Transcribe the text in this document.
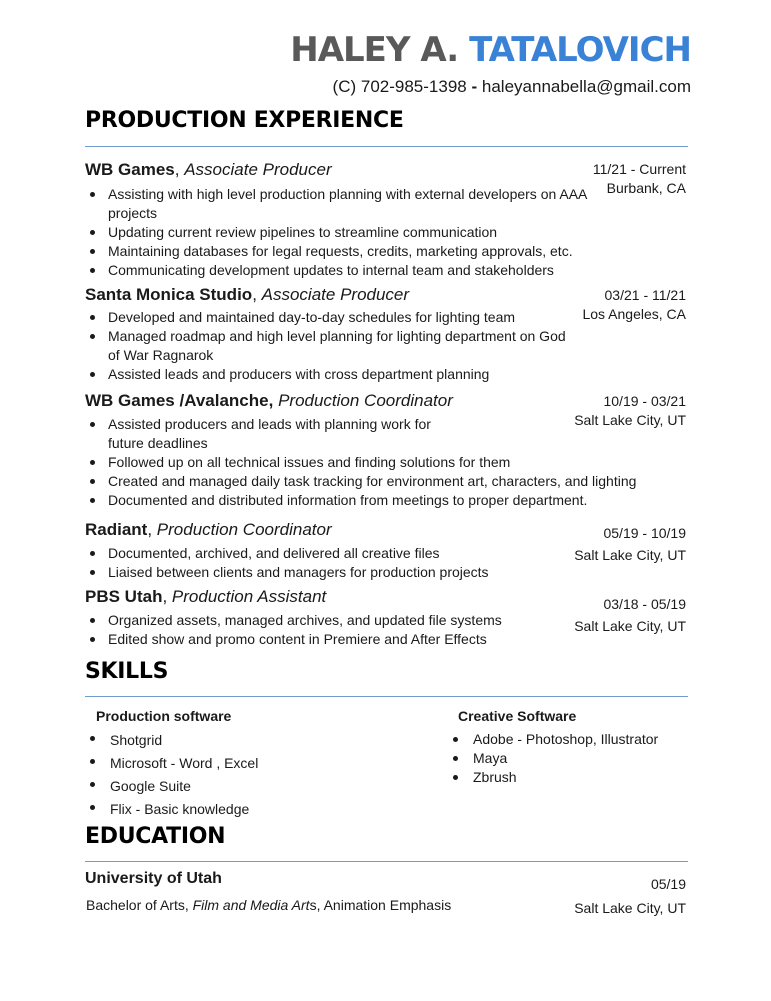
HALEY A. TATALOVICH
(C) 702-985-1398 - haleyannabella@gmail.com
PRODUCTION EXPERIENCE
WB Games, Associate Producer	11/21 - Current
Burbank, CA
Assisting with high level production planning with external developers on AAA projects
Updating current review pipelines to streamline communication
Maintaining databases for legal requests, credits, marketing approvals, etc.
Communicating development updates to internal team and stakeholders
Santa Monica Studio, Associate Producer	03/21 - 11/21
Los Angeles, CA
Developed and maintained day-to-day schedules for lighting team
Managed roadmap and high level planning for lighting department on God of War Ragnarok
Assisted leads and producers with cross department planning
WB Games /Avalanche, Production Coordinator	10/19 - 03/21
Salt Lake City, UT
Assisted producers and leads with planning work for future deadlines
Followed up on all technical issues and finding solutions for them
Created and managed daily task tracking for environment art, characters, and lighting
Documented and distributed information from meetings to proper department.
Radiant, Production Coordinator	05/19 - 10/19
Salt Lake City, UT
Documented, archived, and delivered all creative files
Liaised between clients and managers for production projects
PBS Utah, Production Assistant	03/18 - 05/19
Salt Lake City, UT
Organized assets, managed archives, and updated file systems
Edited show and promo content in Premiere and After Effects
SKILLS
Production software
Shotgrid
Microsoft - Word , Excel
Google Suite
Flix - Basic knowledge
Creative Software
Adobe - Photoshop, Illustrator
Maya
Zbrush
EDUCATION
University of Utah	05/19
Salt Lake City, UT
Bachelor of Arts, Film and Media Arts, Animation Emphasis
